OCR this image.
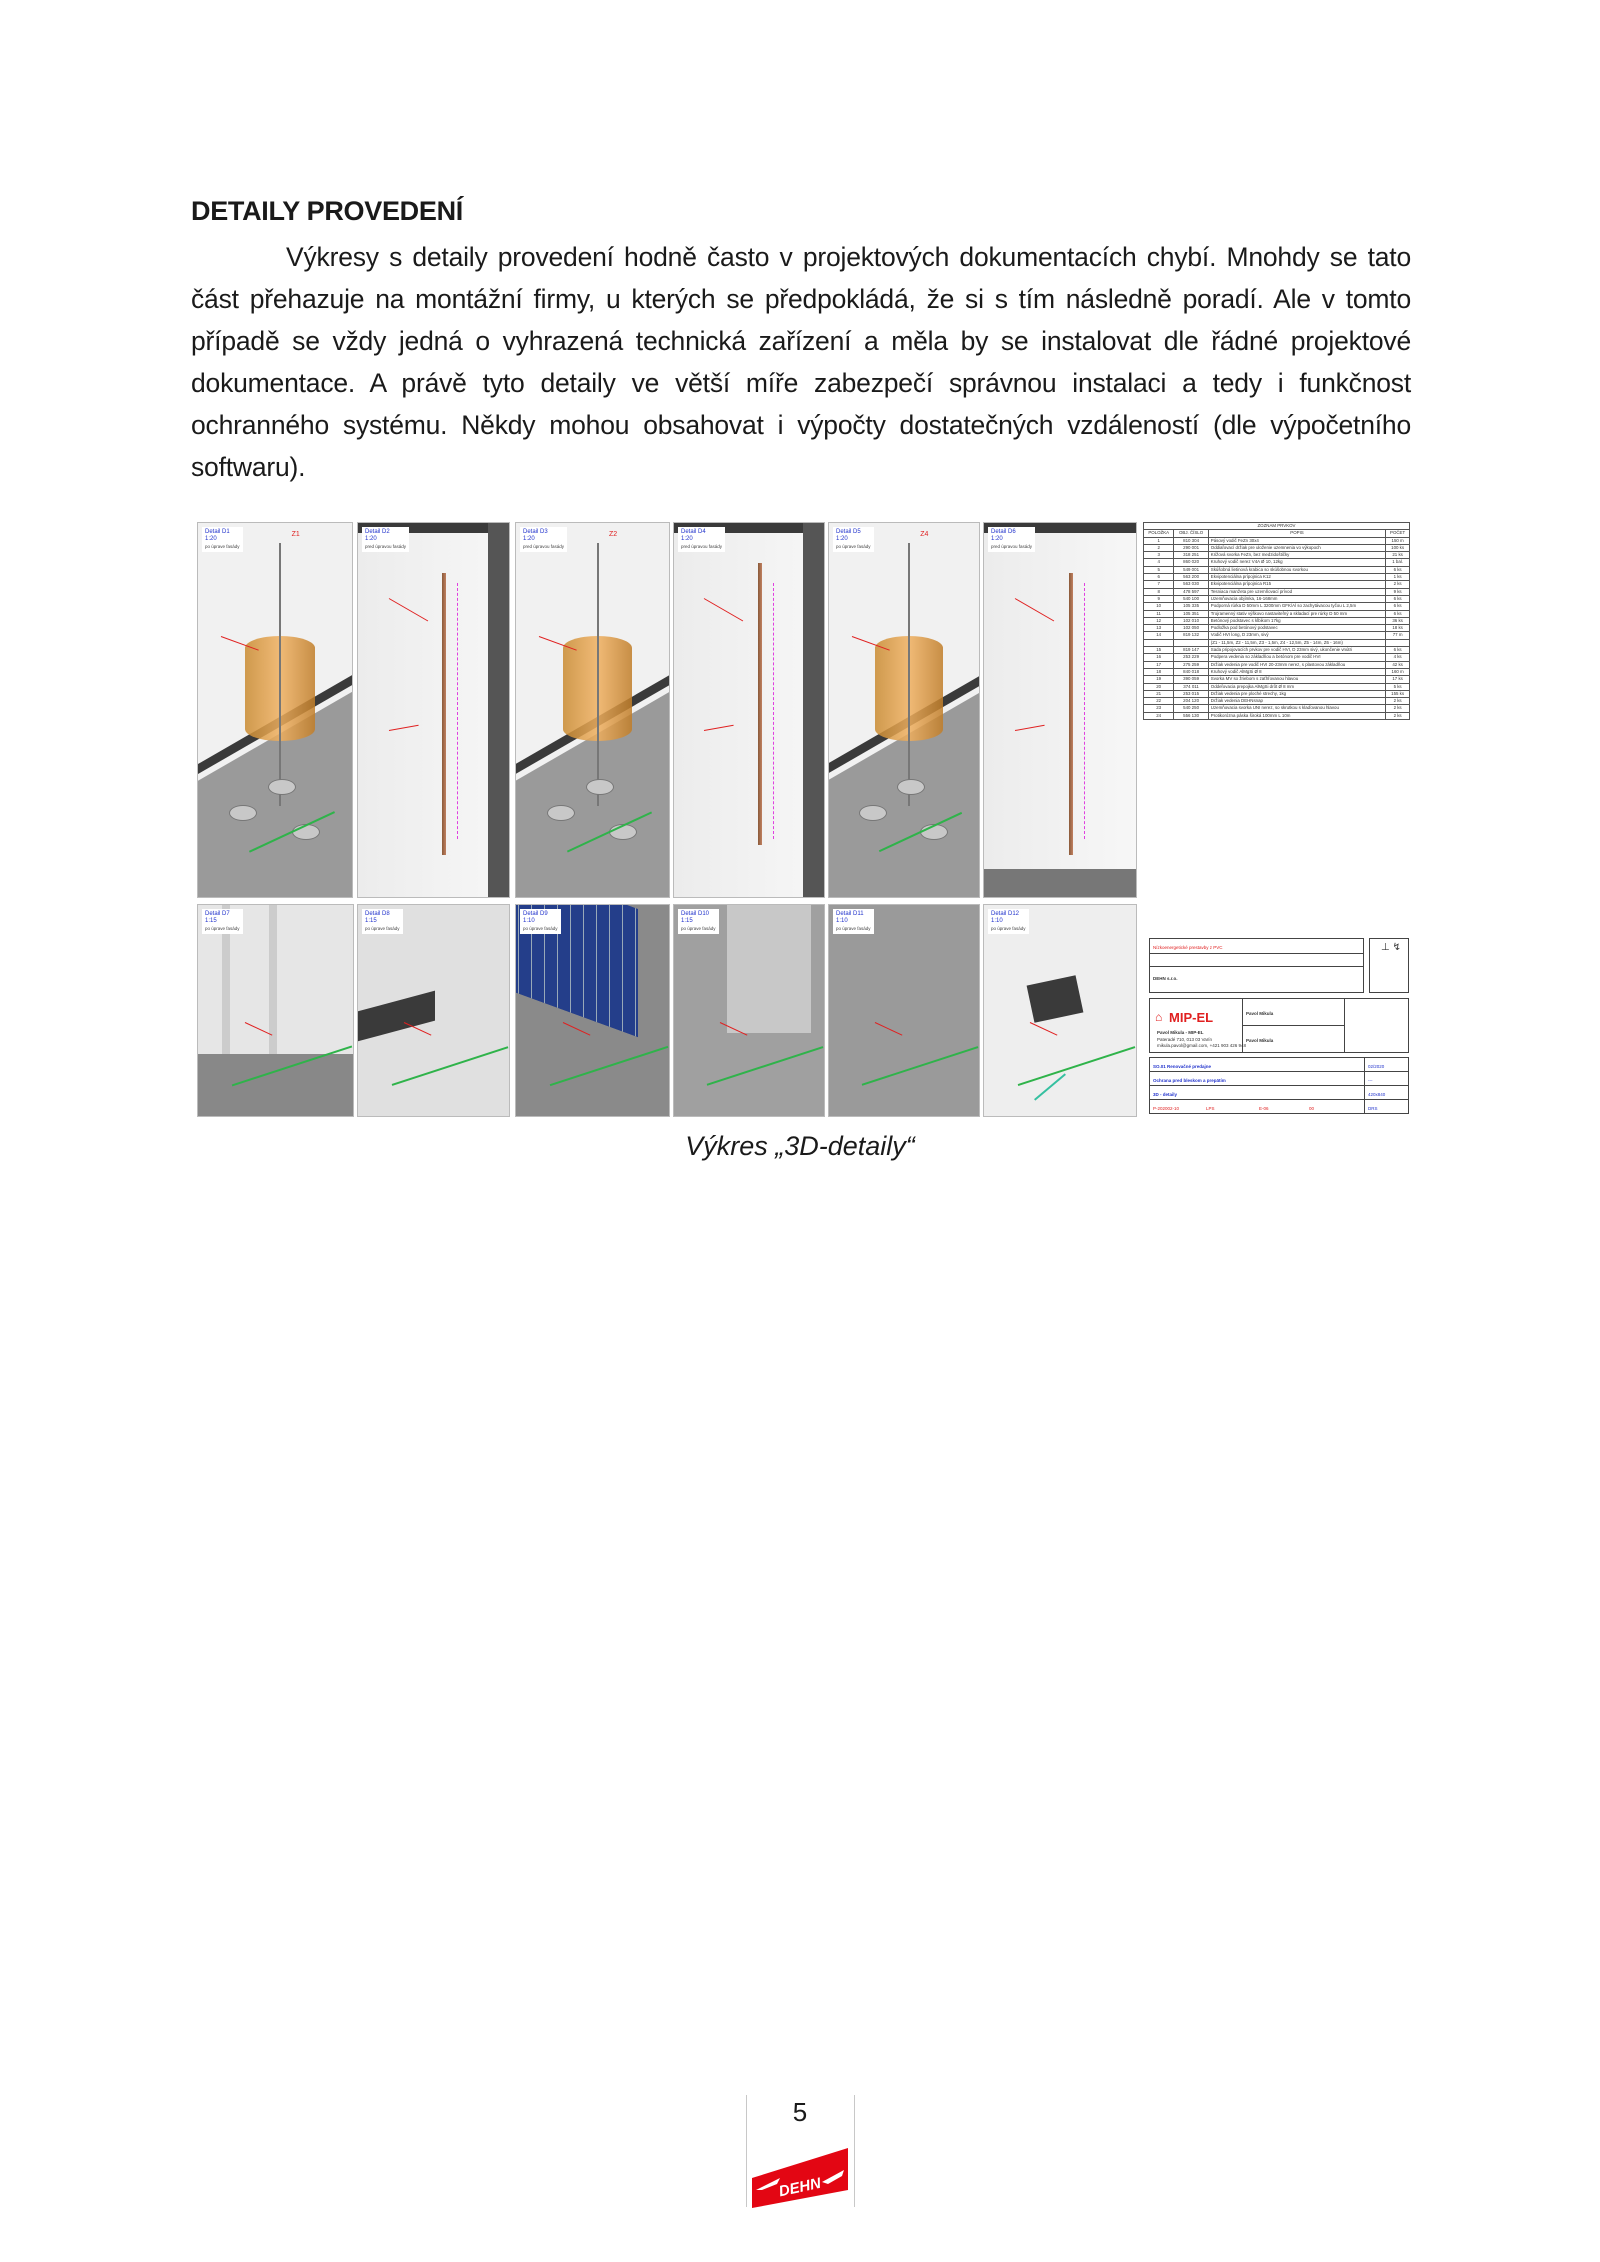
DETAILY PROVEDENÍ
Výkresy s detaily provedení hodně často v projektových dokumentacích chybí. Mnohdy se tato část přehazuje na montážní firmy, u kterých se předpokládá, že si s tím následně poradí. Ale v tomto případě se vždy jedná o vyhrazená technická zařízení a měla by se instalovat dle řádné projektové dokumentace. A právě tyto detaily ve větší míře zabezpečí správnou instalaci a tedy i funkčnost ochranného systému. Někdy mohou obsahovat i výpočty dostatečných vzdáleností (dle výpočetního softwaru).
Detail D1
1:20
po úprave fasády
Z1	Detail D2
1:20
pred úpravou fasády
Detail D3
1:20
pred úpravou fasády
Z2	Detail D4
1:20
pred úpravou fasády
Detail D5
1:20
po úprave fasády
Z4	Detail D6
1:20
pred úpravou fasády
Detail D7
1:15
po úprave fasády
Detail D8
1:15
po úprave fasády
Detail D9
1:10
po úprave fasády
Detail D10
1:15
po úprave fasády
Detail D11
1:10
po úprave fasády
Detail D12
1:10
po úprave fasády
ZOZNAM PRVKOV			
POLOŽKA	OBJ. ČÍSLO	POPIS	POČET
1	810 304	Pásový vodič FeZn 30x4	150 m
2	290 001	Oddiaľovací držiak pre uloženie uzemnenia vo výkopoch	100 ks
3	318 251	Križová svorka FeZn, bez medzidoštičky	21 ks
4	860 020	Kruhový vodič nerez V4A Ø 10, 12kg	1 bal.
5	549 001	Skúšobná lietinová krabica so skúšobnou svorkou	6 ks
6	563 200	Ekvipotenciálna prípojnica K12	1 ks
7	563 030	Ekvipotenciálna prípojnica R15	2 ks
8	478 597	Tesniaca manžeta pre uzemňovací prívod	9 ks
9	540 100	Uzemňovacia objímka, 16-168mm	6 ks
10	105 335	Podporná rúrka D 50mm L 3200mm GFK/Al so zachytávacou tyčou L 2,5m	6 ks
11	105 351	Trojramenný stativ výškovo nastaviteľný a skladací pre rúrky D 50 mm	6 ks
12	102 010	Betónový podstavec s kĺbikom 17kg	36 ks
13	102 050	Podložka pod betónový podstavec	18 ks
14	819 132	Vodič HVI long, D 23mm, sivý	77 m
		(Z1 - 11,5m, Z2 - 11,5m, Z3 - 1,5m, Z4 - 12,5m, Z5 - 14m, Z6 - 16m)	
15	819 147	Sada pripojovacích prvkov pre vodič HVI, D 23mm sivý, ukončenie vnútri	6 ks
16	253 229	Podpera vedenia so základňou a betónom pre vodič HVI	4 ks
17	275 259	Držiak vedenia pre vodič HVI 20-23mm nerez, s plastovou základňou	42 ks
18	840 018	Kruhový vodič AlMgSi Ø 8	160 m
19	390 059	Svorka MV so žriebom s zaťhľovanou hlavou	17 ks
20	374 011	Oddeľovacia prepojka AlMgSi drôt Ø 8 mm	5 ks
21	253 015	Držiak vedenia pre ploché strechy, 1kg	155 ks
22	204 120	Držiak vedenia DEHNsnap	2 ks
23	540 250	Uzemňovacia svorka UNI nerez, so skrutkou s klaďovanou hlavou	2 ks
24	556 130	Protikorózna páska široká 100mm L 10m	2 ks
Nízkoenergetické prestavby z PVC
DEHN s.r.o.
⊥ ↯
⌂ MIP-EL
Pavol Mikula - MIP-EL
Pateradé 710, 013 03 Varín
mikula.pavol@gmail.com, +421 903 426 948
Pavol Mikula
Pavol Mikula
SO.01 Renovačné predajne
Ochrana pred bleskom a prepätím
3D - detaily
P-202002-10	LPS	E-06	00
02/2020
---
420x840
DRS
Výkres „3D-detaily“
5
DEHN
